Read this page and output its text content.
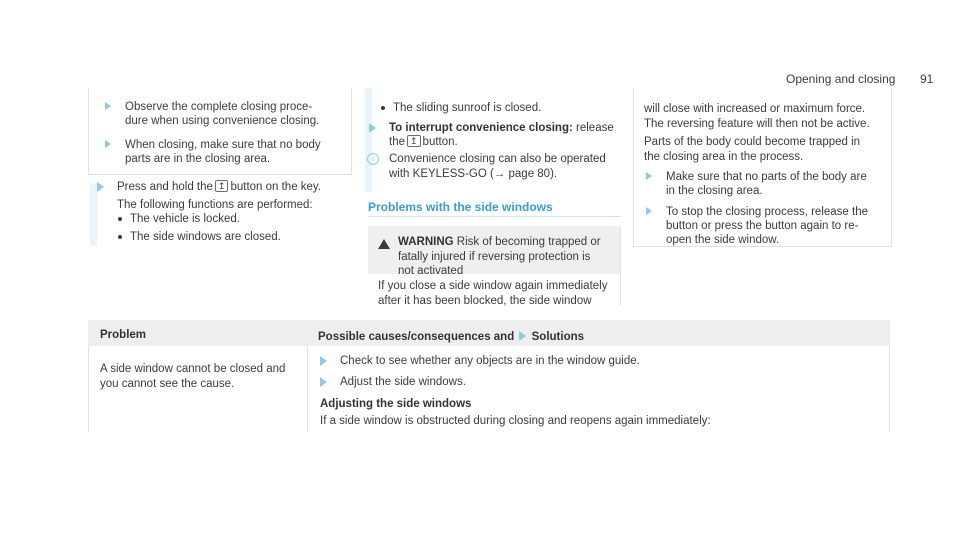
Opening and closing 91
Observe the complete closing proce-
dure when using convenience closing.
When closing, make sure that no body
parts are in the closing area.
Press and hold the ↥ button on the key.
The following functions are performed:
The vehicle is locked.
The side windows are closed.
The sliding sunroof is closed.
To interrupt convenience closing: release
the ↥ button.
i	Convenience closing can also be operated
with KEYLESS-GO (→ page 80).
Problems with the side windows
WARNING Risk of becoming trapped or
fatally injured if reversing protection is
not activated
If you close a side window again immediately
after it has been blocked, the side window
will close with increased or maximum force.
The reversing feature will then not be active.
Parts of the body could become trapped in
the closing area in the process.
Make sure that no parts of the body are
in the closing area.
To stop the closing process, release the
button or press the button again to re-
open the side window.
Problem	Possible causes/consequences and Solutions
A side window cannot be closed and
you cannot see the cause.
Check to see whether any objects are in the window guide.
Adjust the side windows.
Adjusting the side windows
If a side window is obstructed during closing and reopens again immediately:
